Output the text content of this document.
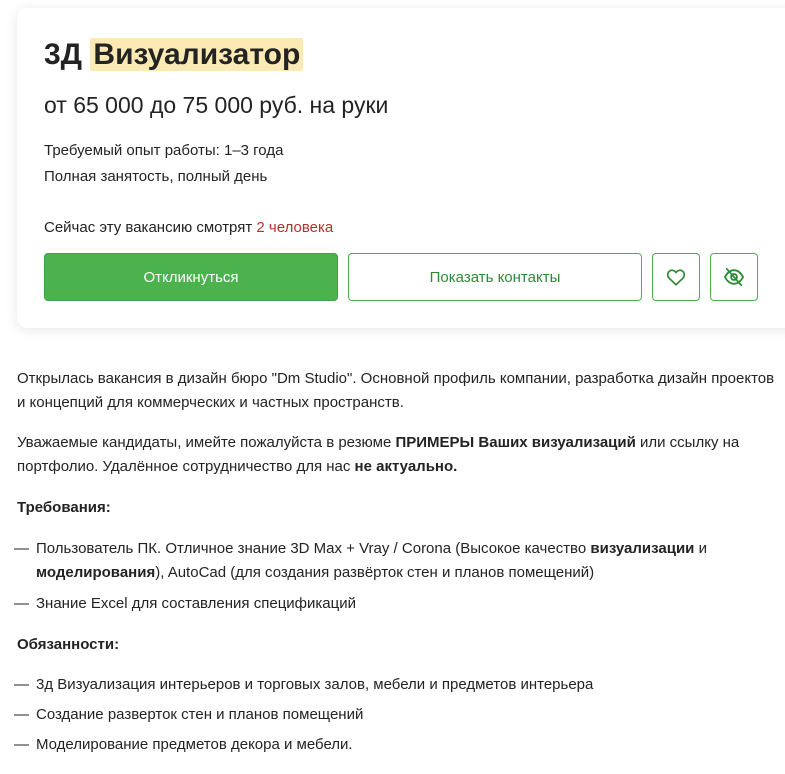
3Д Визуализатор
от 65 000 до 75 000 руб. на руки
Требуемый опыт работы: 1–3 года
Полная занятость, полный день
Сейчас эту вакансию смотрят 2 человека
Откликнуться	Показать контакты
Открылась вакансия в дизайн бюро "Dm Studio". Основной профиль компании, разработка дизайн проектов и концепций для коммерческих и частных пространств.
Уважаемые кандидаты, имейте пожалуйста в резюме ПРИМЕРЫ Ваших визуализаций или ссылку на портфолио. Удалённое сотрудничество для нас не актуально.
Требования:
— Пользователь ПК. Отличное знание 3D Max + Vray / Corona (Высокое качество визуализации и моделирования), AutoCad (для создания развёрток стен и планов помещений)
— Знание Excel для составления спецификаций
Обязанности:
— 3д Визуализация интерьеров и торговых залов, мебели и предметов интерьера
— Создание разверток стен и планов помещений
— Моделирование предметов декора и мебели.
